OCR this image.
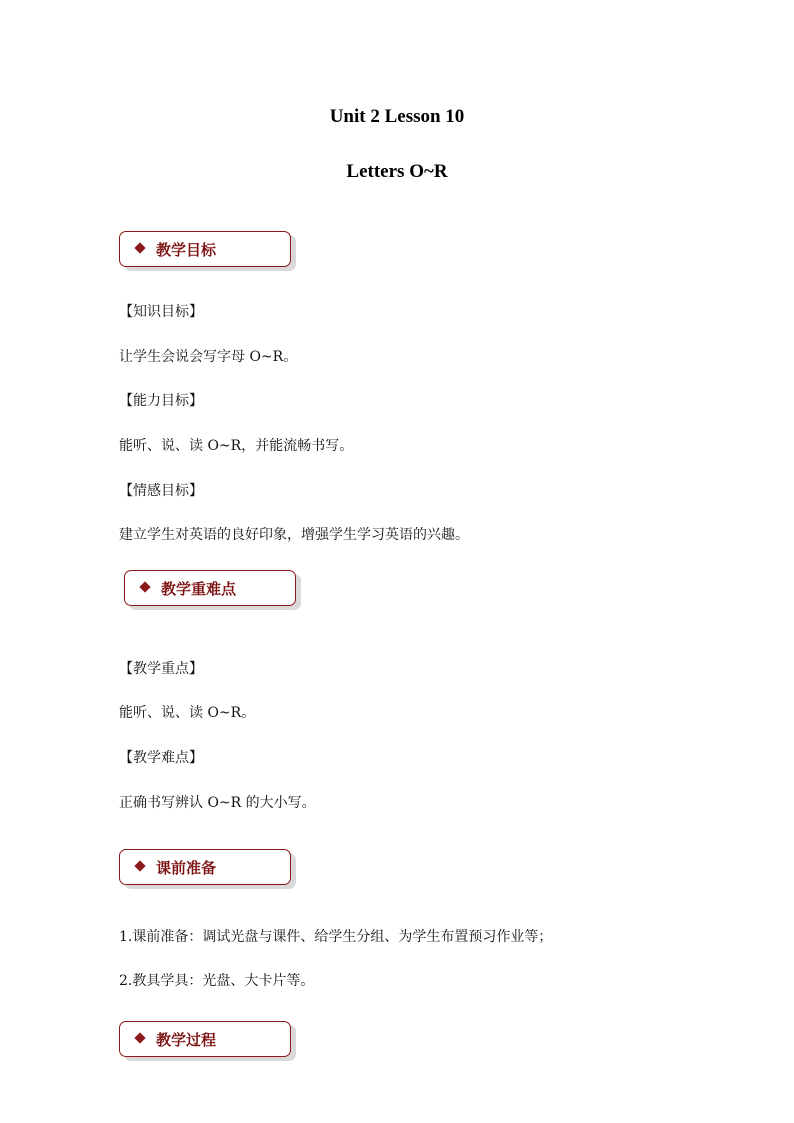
Unit 2 Lesson 10
Letters O~R
教学目标
【知识目标】
让学生会说会写字母 O~R。
【能力目标】
能听、说、读 O~R，并能流畅书写。
【情感目标】
建立学生对英语的良好印象，增强学生学习英语的兴趣。
教学重难点
【教学重点】
能听、说、读 O~R。
【教学难点】
正确书写辨认 O~R 的大小写。
课前准备
1.课前准备：调试光盘与课件、给学生分组、为学生布置预习作业等；
2.教具学具：光盘、大卡片等。
教学过程
